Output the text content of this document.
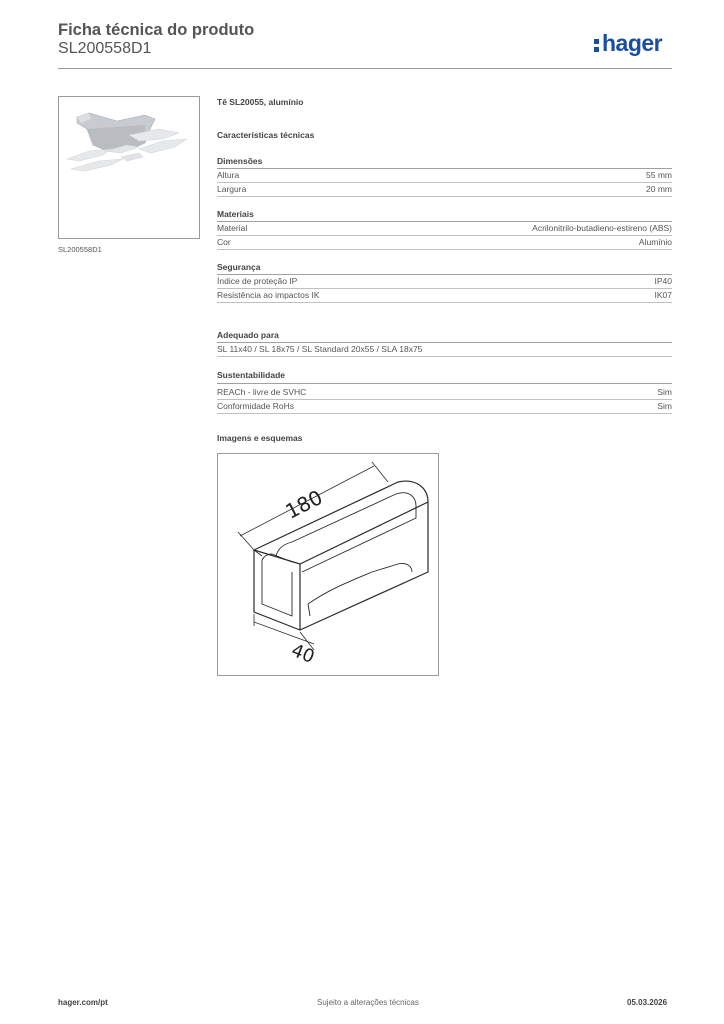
Ficha técnica do produto
SL200558D1	hager
SL200558D1
Tê SL20055, alumínio
Características técnicas
Dimensões
Altura	55 mm
Largura	20 mm
Materiais
Material	Acrilonitrilo-butadieno-estireno (ABS)
Cor	Alumínio
Segurança
Índice de proteção IP	IP40
Resistência ao impactos IK	IK07
Adequado para
SL 11x40 / SL 18x75 / SL Standard 20x55 / SLA 18x75
Sustentabilidade
REACh - livre de SVHC	Sim
Conformidade RoHs	Sim
Imagens e esquemas
180
40
hager.com/pt	Sujeito a alterações técnicas	05.03.2026
